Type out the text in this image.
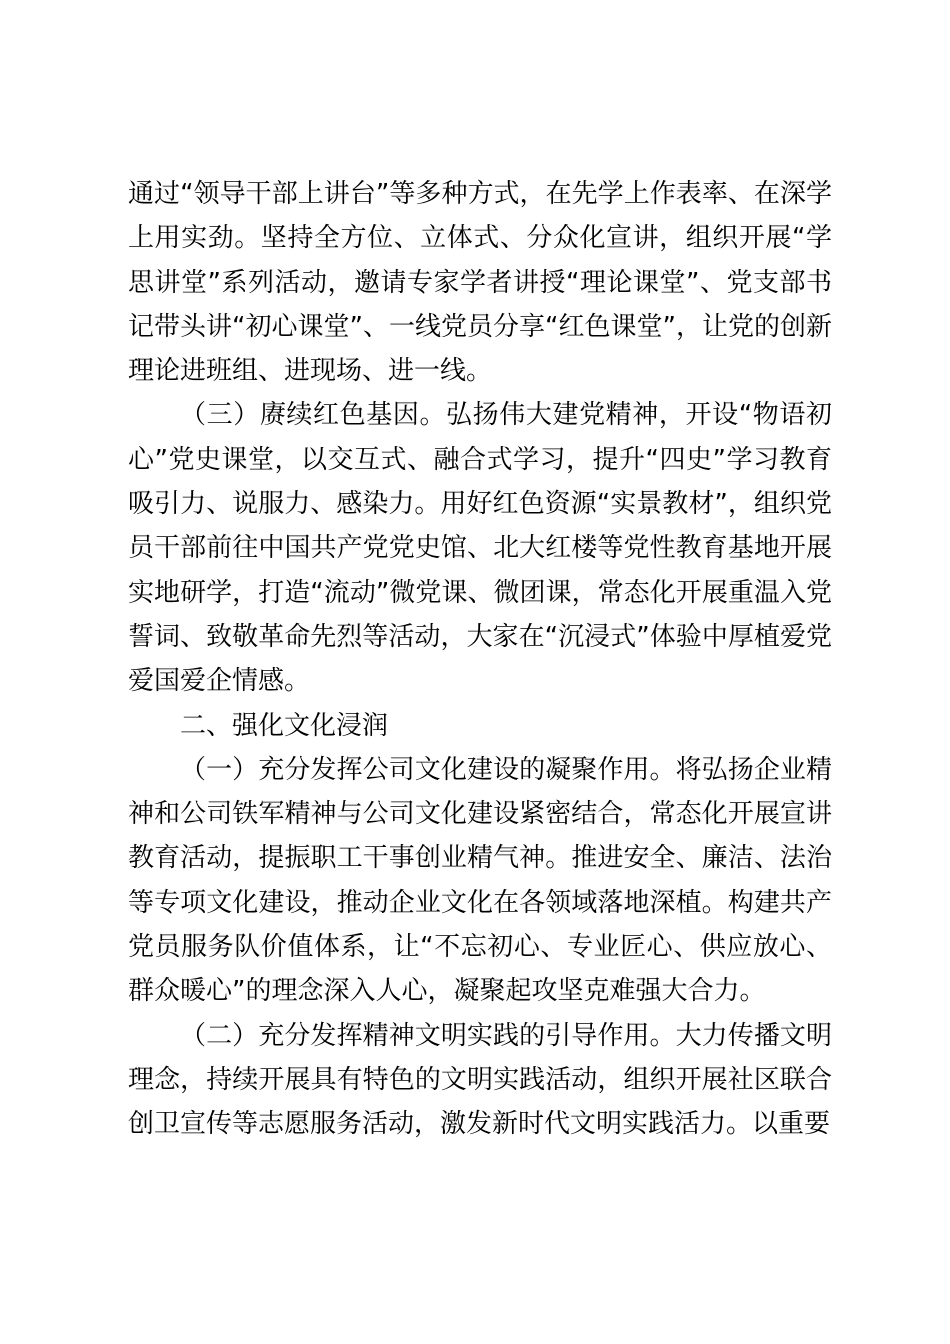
通过“领导干部上讲台”等多种方式，在先学上作表率、在深学上用实劲。坚持全方位、立体式、分众化宣讲，组织开展“学思讲堂”系列活动，邀请专家学者讲授“理论课堂”、党支部书记带头讲“初心课堂”、一线党员分享“红色课堂”，让党的创新理论进班组、进现场、进一线。

（三）赓续红色基因。弘扬伟大建党精神，开设“物语初心”党史课堂，以交互式、融合式学习，提升“四史”学习教育吸引力、说服力、感染力。用好红色资源“实景教材”，组织党员干部前往中国共产党党史馆、北大红楼等党性教育基地开展实地研学，打造“流动”微党课、微团课，常态化开展重温入党誓词、致敬革命先烈等活动，大家在“沉浸式”体验中厚植爱党爱国爱企情感。

二、强化文化浸润

（一）充分发挥公司文化建设的凝聚作用。将弘扬企业精神和公司铁军精神与公司文化建设紧密结合，常态化开展宣讲教育活动，提振职工干事创业精气神。推进安全、廉洁、法治等专项文化建设，推动企业文化在各领域落地深植。构建共产党员服务队价值体系，让“不忘初心、专业匠心、供应放心、群众暖心”的理念深入人心，凝聚起攻坚克难强大合力。

（二）充分发挥精神文明实践的引导作用。大力传播文明理念，持续开展具有特色的文明实践活动，组织开展社区联合创卫宣传等志愿服务活动，激发新时代文明实践活力。以重要
